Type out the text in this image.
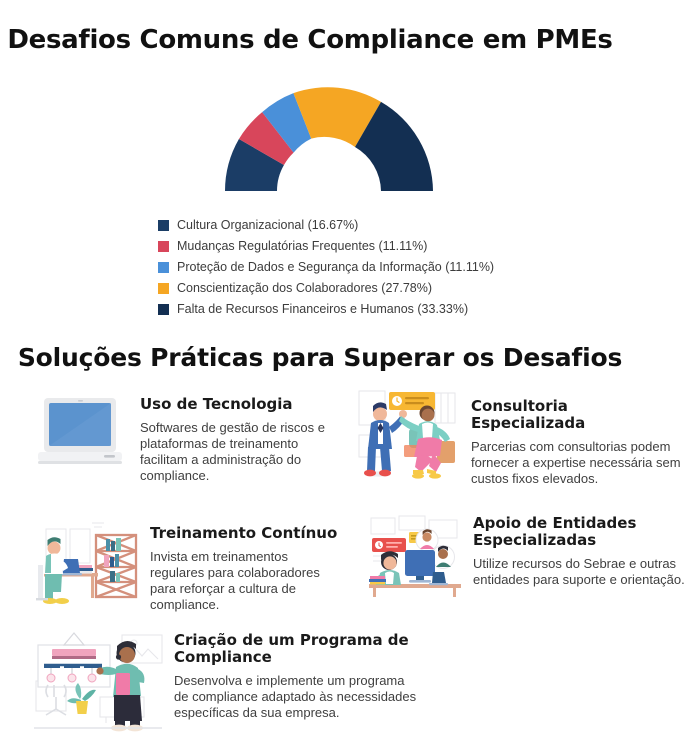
Desafios Comuns de Compliance em PMEs
Cultura Organizacional (16.67%)
Mudanças Regulatórias Frequentes (11.11%)
Proteção de Dados e Segurança da Informação (11.11%)
Conscientização dos Colaboradores (27.78%)
Falta de Recursos Financeiros e Humanos (33.33%)
Soluções Práticas para Superar os Desafios
Uso de Tecnologia
Softwares de gestão de riscos e plataformas de treinamento facilitam a administração do compliance.
Consultoria Especializada
Parcerias com consultorias podem fornecer a expertise necessária sem custos fixos elevados.
Treinamento Contínuo
Invista em treinamentos regulares para colaboradores para reforçar a cultura de compliance.
Apoio de Entidades Especializadas
Utilize recursos do Sebrae e outras entidades para suporte e orientação.
Criação de um Programa de Compliance
Desenvolva e implemente um programa de compliance adaptado às necessidades específicas da sua empresa.
